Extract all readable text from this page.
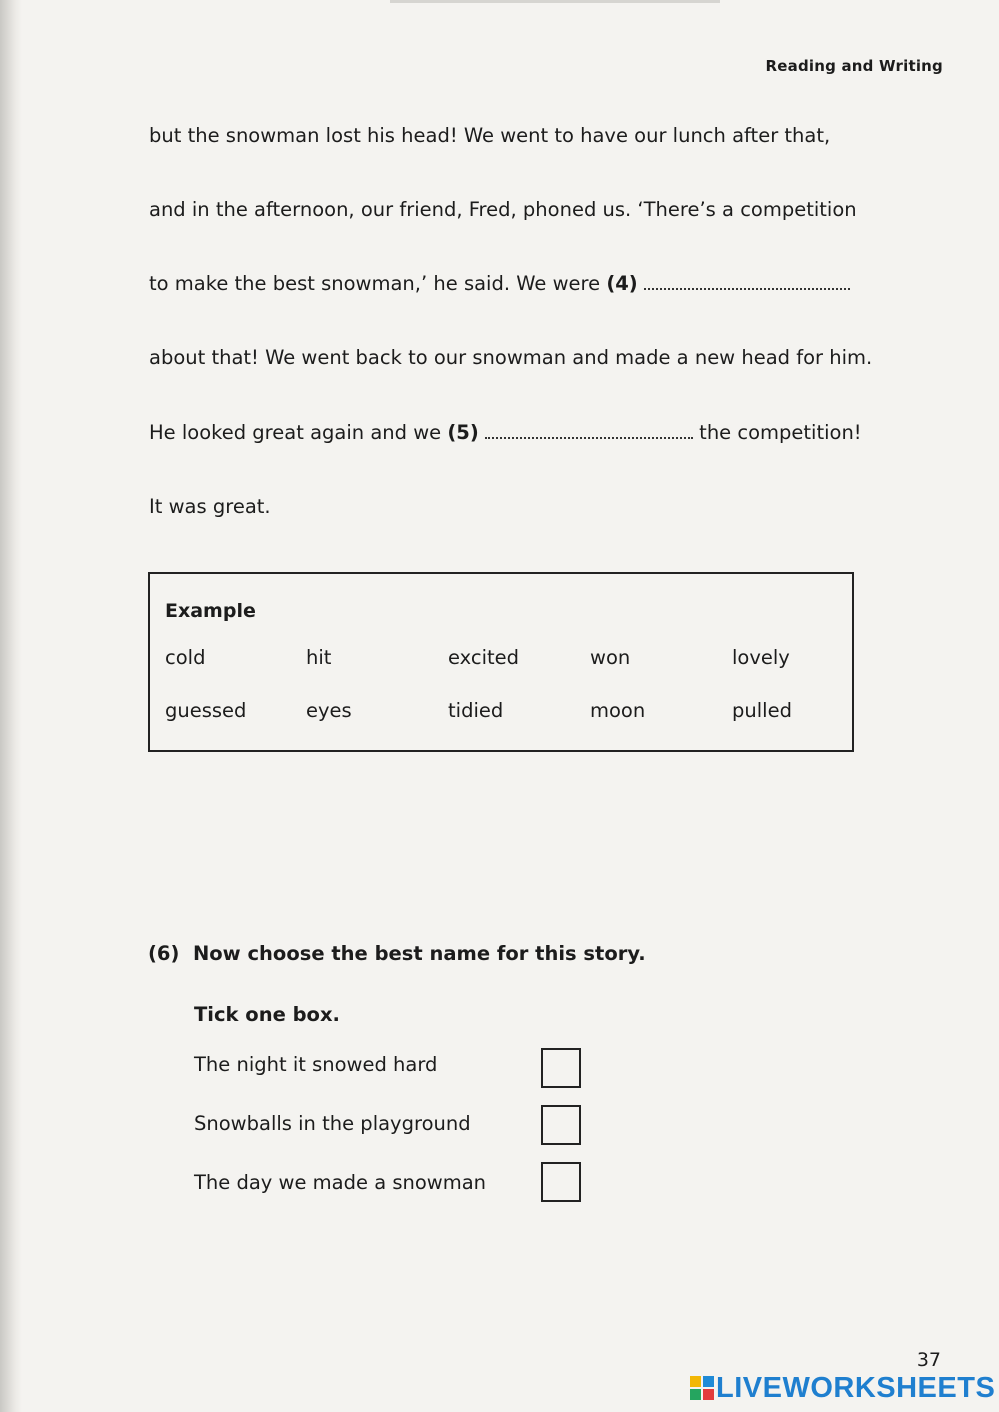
Reading and Writing
but the snowman lost his head! We went to have our lunch after that,
and in the afternoon, our friend, Fred, phoned us. ‘There’s a competition
to make the best snowman,’ he said. We were (4)
about that! We went back to our snowman and made a new head for him.
He looked great again and we (5)	the competition!
It was great.
Example
cold	hit	excited	won	lovely
guessed	eyes	tidied	moon	pulled
(6)  Now choose the best name for this story.
Tick one box.
The night it snowed hard
Snowballs in the playground
The day we made a snowman
37
LIVEWORKSHEETS
